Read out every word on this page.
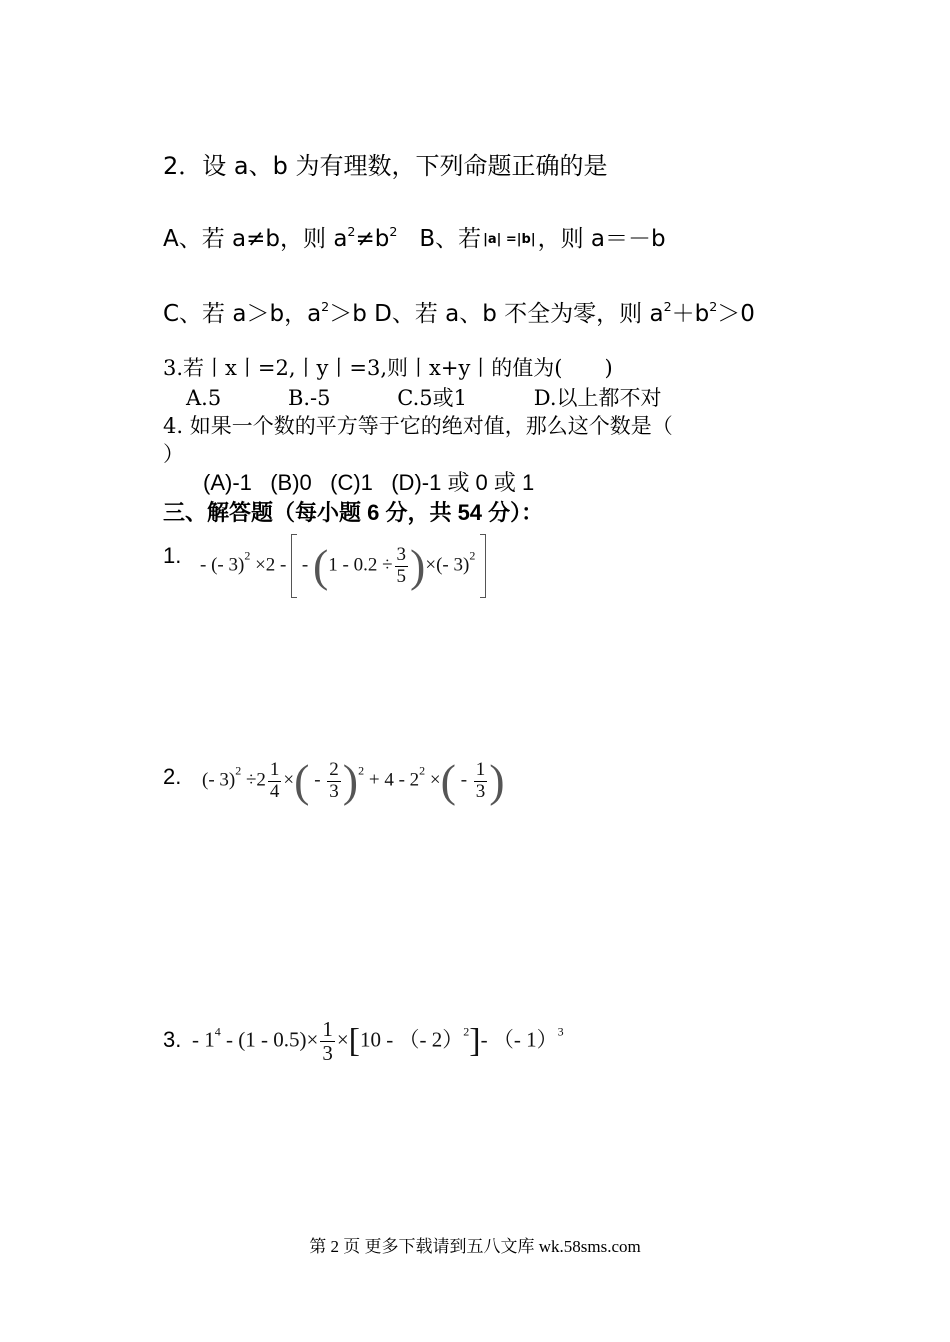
2．设 a、b 为有理数，下列命题正确的是
A、若 a≠b，则 $a^2\ne b^2$   B、若 |a| =|b|，则 a＝－b
C、若 a＞b，$a^2>b$ D、若 a、b 不全为零，则 $a^2+b^2>0$
3.若丨x丨=2,丨y丨=3,则丨x+y丨的值为(　　)
A.5          B.-5          C.5或1          D.以上都不对
4. 如果一个数的平方等于它的绝对值，那么这个数是（
）
(A)-1   (B)0   (C)1   (D)-1 或 0 或 1
三、解答题（每小题 6 分，共 54 分）：
1. - (- 3)$^2$ ×2 -  - ($1 - 0.2 \div \frac{3}{5}$ )×(- 3)$^2$
2. (- $3)^2 \div 2 \frac{1}{4}$ ×( - $\frac{2}{3} )^2 + 4 - 2^2$ ×( - $\frac{1}{3}$ )
3. - $1^4 - (1 - 0.5)\times \frac{1}{3} \times[10$ - （- 2）$^2$]- （- 1）$^3$
第 2 页 更多下载请到五八文库 wk.58sms.com
